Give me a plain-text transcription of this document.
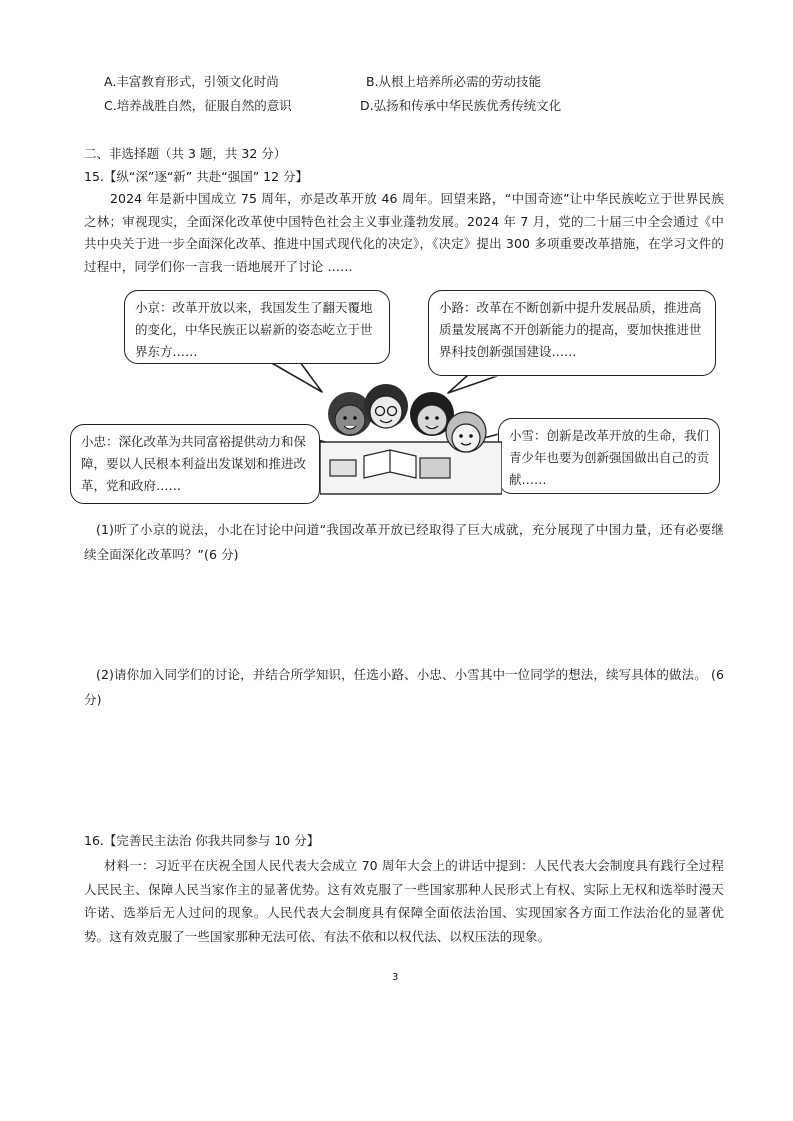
A.丰富教育形式，引领文化时尚	B.从根上培养所必需的劳动技能
C.培养战胜自然，征服自然的意识	D.弘扬和传承中华民族优秀传统文化
二、非选择题（共 3 题，共 32 分）
15.【纵“深”逐“新” 共赴“强国” 12 分】
2024 年是新中国成立 75 周年，亦是改革开放 46 周年。回望来路，“中国奇迹”让中华民族屹立于世界民族之林；审视现实，全面深化改革使中国特色社会主义事业蓬勃发展。2024 年 7 月，党的二十届三中全会通过《中共中央关于进一步全面深化改革、推进中国式现代化的决定》，《决定》提出 300 多项重要改革措施，在学习文件的过程中，同学们你一言我一语地展开了讨论 ……
小京：改革开放以来，我国发生了翻天覆地的变化，中华民族正以崭新的姿态屹立于世界东方……
小路：改革在不断创新中提升发展品质，推进高质量发展离不开创新能力的提高，要加快推进世界科技创新强国建设……
小忠：深化改革为共同富裕提供动力和保障，要以人民根本利益出发谋划和推进改革，党和政府……
小雪：创新是改革开放的生命，我们青少年也要为创新强国做出自己的贡献……
(1)听了小京的说法，小北在讨论中问道“我国改革开放已经取得了巨大成就，充分展现了中国力量，还有必要继续全面深化改革吗？”(6 分)
(2)请你加入同学们的讨论，并结合所学知识，任选小路、小忠、小雪其中一位同学的想法，续写具体的做法。 (6 分)
16.【完善民主法治 你我共同参与 10 分】
材料一：习近平在庆祝全国人民代表大会成立 70 周年大会上的讲话中提到：人民代表大会制度具有践行全过程人民民主、保障人民当家作主的显著优势。这有效克服了一些国家那种人民形式上有权、实际上无权和选举时漫天许诺、选举后无人过问的现象。人民代表大会制度具有保障全面依法治国、实现国家各方面工作法治化的显著优势。这有效克服了一些国家那种无法可依、有法不依和以权代法、以权压法的现象。
3
